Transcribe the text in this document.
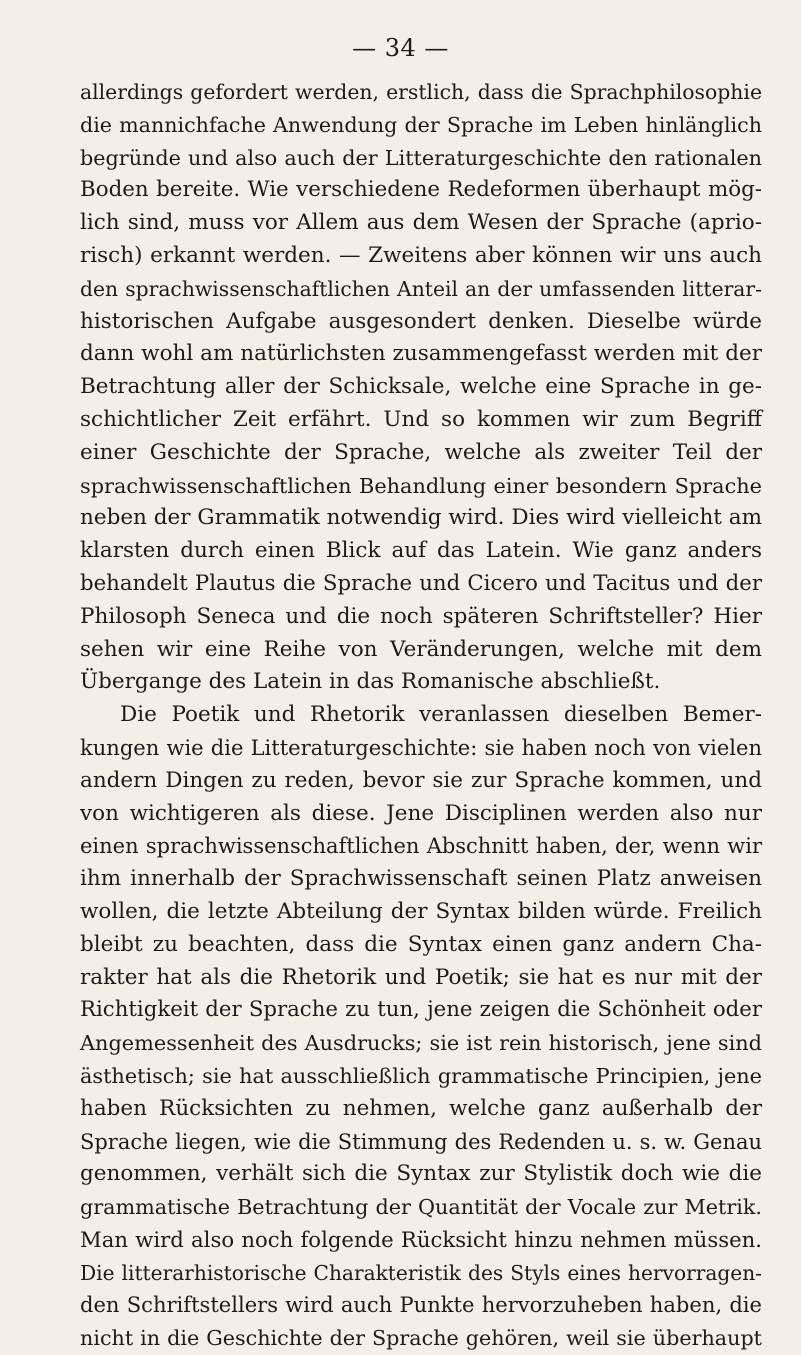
— 34 —
allerdings gefordert werden, erstlich, dass die Sprachphilosophie
die mannichfache Anwendung der Sprache im Leben hinlänglich
begründe und also auch der Litteraturgeschichte den rationalen
Boden bereite. Wie verschiedene Redeformen überhaupt mög-
lich sind, muss vor Allem aus dem Wesen der Sprache (aprio-
risch) erkannt werden. — Zweitens aber können wir uns auch
den sprachwissenschaftlichen Anteil an der umfassenden litterar-
historischen Aufgabe ausgesondert denken. Dieselbe würde
dann wohl am natürlichsten zusammengefasst werden mit der
Betrachtung aller der Schicksale, welche eine Sprache in ge-
schichtlicher Zeit erfährt. Und so kommen wir zum Begriff
einer Geschichte der Sprache, welche als zweiter Teil der
sprachwissenschaftlichen Behandlung einer besondern Sprache
neben der Grammatik notwendig wird. Dies wird vielleicht am
klarsten durch einen Blick auf das Latein. Wie ganz anders
behandelt Plautus die Sprache und Cicero und Tacitus und der
Philosoph Seneca und die noch späteren Schriftsteller? Hier
sehen wir eine Reihe von Veränderungen, welche mit dem
Übergange des Latein in das Romanische abschließt.
Die Poetik und Rhetorik veranlassen dieselben Bemer-
kungen wie die Litteraturgeschichte: sie haben noch von vielen
andern Dingen zu reden, bevor sie zur Sprache kommen, und
von wichtigeren als diese. Jene Disciplinen werden also nur
einen sprachwissenschaftlichen Abschnitt haben, der, wenn wir
ihm innerhalb der Sprachwissenschaft seinen Platz anweisen
wollen, die letzte Abteilung der Syntax bilden würde. Freilich
bleibt zu beachten, dass die Syntax einen ganz andern Cha-
rakter hat als die Rhetorik und Poetik; sie hat es nur mit der
Richtigkeit der Sprache zu tun, jene zeigen die Schönheit oder
Angemessenheit des Ausdrucks; sie ist rein historisch, jene sind
ästhetisch; sie hat ausschließlich grammatische Principien, jene
haben Rücksichten zu nehmen, welche ganz außerhalb der
Sprache liegen, wie die Stimmung des Redenden u. s. w. Genau
genommen, verhält sich die Syntax zur Stylistik doch wie die
grammatische Betrachtung der Quantität der Vocale zur Metrik.
Man wird also noch folgende Rücksicht hinzu nehmen müssen.
Die litterarhistorische Charakteristik des Styls eines hervorragen-
den Schriftstellers wird auch Punkte hervorzuheben haben, die
nicht in die Geschichte der Sprache gehören, weil sie überhaupt
